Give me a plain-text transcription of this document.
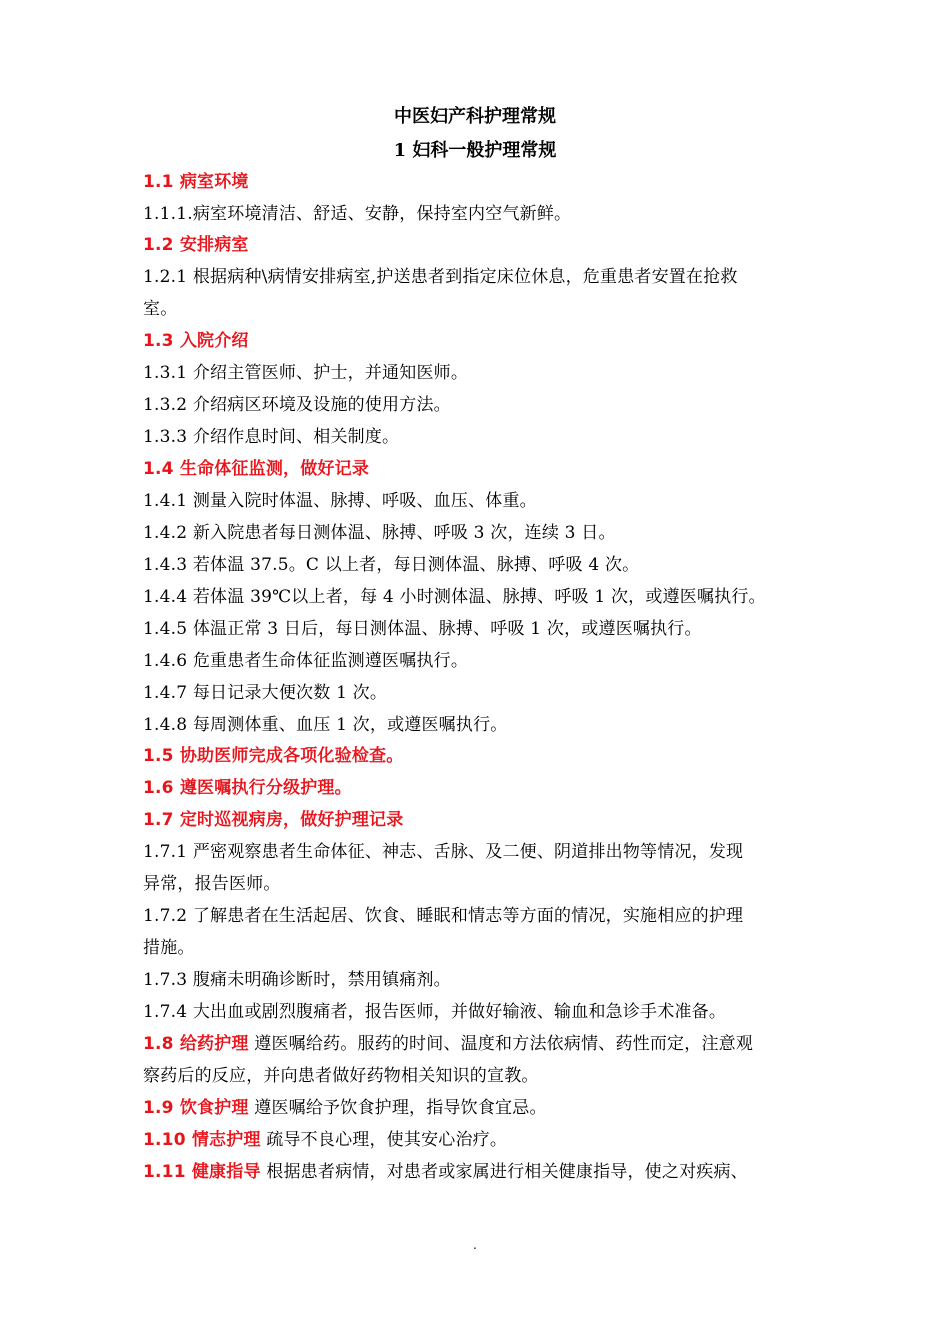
中医妇产科护理常规
1 妇科一般护理常规
1.1 病室环境
1.1.1.病室环境清洁、舒适、安静，保持室内空气新鲜。
1.2 安排病室
1.2.1 根据病种\病情安排病室,护送患者到指定床位休息，危重患者安置在抢救
室。
1.3 入院介绍
1.3.1 介绍主管医师、护士，并通知医师。
1.3.2 介绍病区环境及设施的使用方法。
1.3.3 介绍作息时间、相关制度。
1.4 生命体征监测，做好记录
1.4.1 测量入院时体温、脉搏、呼吸、血压、体重。
1.4.2 新入院患者每日测体温、脉搏、呼吸 3 次，连续 3 日。
1.4.3 若体温 37.5。C 以上者，每日测体温、脉搏、呼吸 4 次。
1.4.4 若体温 39℃以上者，每 4 小时测体温、脉搏、呼吸 1 次，或遵医嘱执行。
1.4.5 体温正常 3 日后，每日测体温、脉搏、呼吸 1 次，或遵医嘱执行。
1.4.6 危重患者生命体征监测遵医嘱执行。
1.4.7 每日记录大便次数 1 次。
1.4.8 每周测体重、血压 1 次，或遵医嘱执行。
1.5 协助医师完成各项化验检查。
1.6 遵医嘱执行分级护理。
1.7 定时巡视病房，做好护理记录
1.7.1 严密观察患者生命体征、神志、舌脉、及二便、阴道排出物等情况，发现
异常，报告医师。
1.7.2 了解患者在生活起居、饮食、睡眠和情志等方面的情况，实施相应的护理
措施。
1.7.3 腹痛未明确诊断时，禁用镇痛剂。
1.7.4 大出血或剧烈腹痛者，报告医师，并做好输液、输血和急诊手术准备。
1.8 给药护理 遵医嘱给药。服药的时间、温度和方法依病情、药性而定，注意观
察药后的反应，并向患者做好药物相关知识的宣教。
1.9 饮食护理 遵医嘱给予饮食护理，指导饮食宜忌。
1.10 情志护理 疏导不良心理，使其安心治疗。
1.11 健康指导 根据患者病情，对患者或家属进行相关健康指导，使之对疾病、
.
